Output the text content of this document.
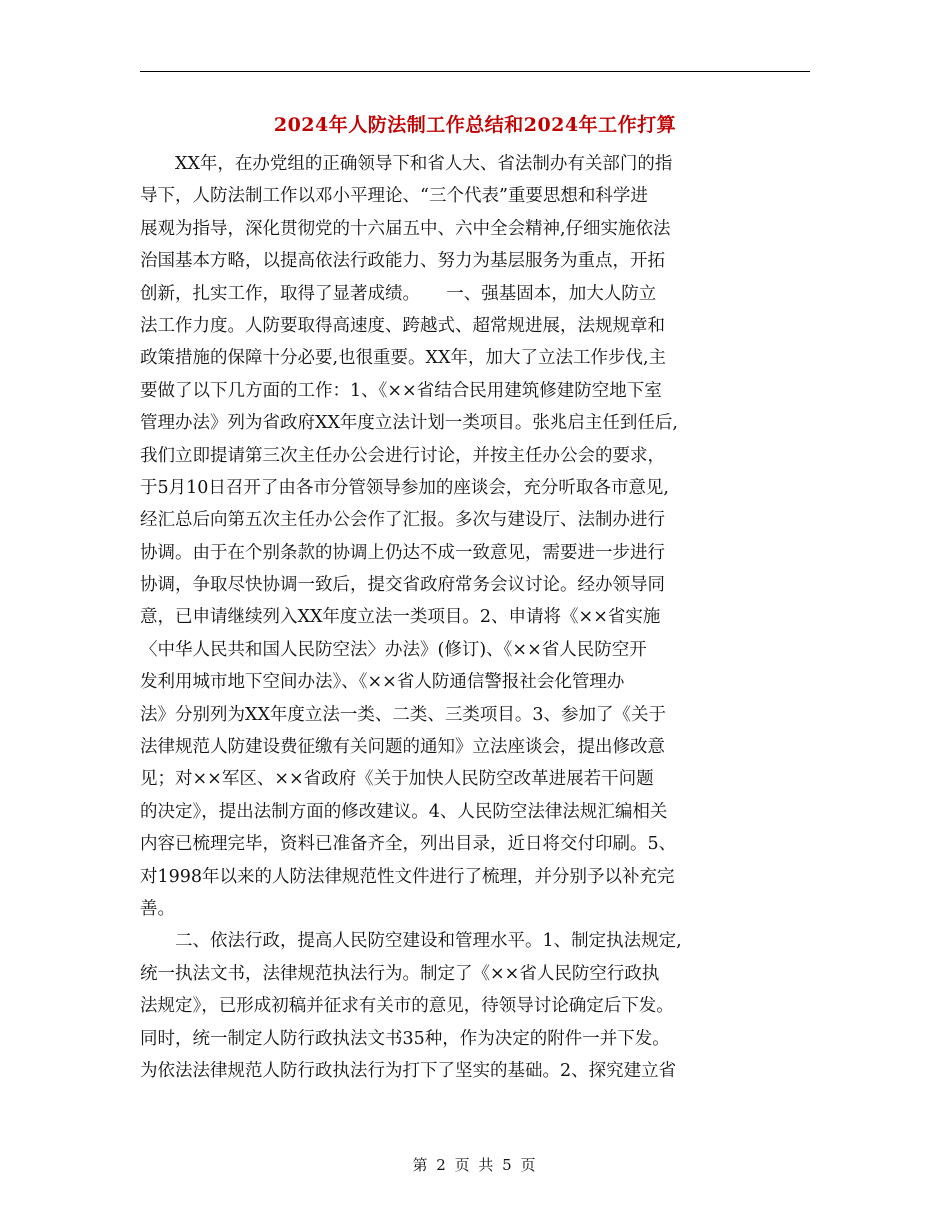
2024年人防法制工作总结和2024年工作打算
　　XX年，在办党组的正确领导下和省人大、省法制办有关部门的指
导下，人防法制工作以邓小平理论、“三个代表”重要思想和科学进
展观为指导，深化贯彻党的十六届五中、六中全会精神,仔细实施依法
治国基本方略，以提高依法行政能力、努力为基层服务为重点，开拓
创新，扎实工作，取得了显著成绩。　　一、强基固本，加大人防立
法工作力度。人防要取得高速度、跨越式、超常规进展，法规规章和
政策措施的保障十分必要,也很重要。XX年，加大了立法工作步伐,主
要做了以下几方面的工作：1、《××省结合民用建筑修建防空地下室
管理办法》列为省政府XX年度立法计划一类项目。张兆启主任到任后,
我们立即提请第三次主任办公会进行讨论，并按主任办公会的要求，
于5月10日召开了由各市分管领导参加的座谈会，充分听取各市意见,
经汇总后向第五次主任办公会作了汇报。多次与建设厅、法制办进行
协调。由于在个别条款的协调上仍达不成一致意见，需要进一步进行
协调，争取尽快协调一致后，提交省政府常务会议讨论。经办领导同
意，已申请继续列入XX年度立法一类项目。2、申请将《××省实施
〈中华人民共和国人民防空法〉办法》(修订)、《××省人民防空开
发利用城市地下空间办法》、《××省人防通信警报社会化管理办
法》分别列为XX年度立法一类、二类、三类项目。3、参加了《关于
法律规范人防建设费征缴有关问题的通知》立法座谈会，提出修改意
见；对××军区、××省政府《关于加快人民防空改革进展若干问题
的决定》，提出法制方面的修改建议。4、人民防空法律法规汇编相关
内容已梳理完毕，资料已准备齐全，列出目录，近日将交付印刷。5、
对1998年以来的人防法律规范性文件进行了梳理，并分别予以补充完
善。
　　二、依法行政，提高人民防空建设和管理水平。1、制定执法规定,
统一执法文书，法律规范执法行为。制定了《××省人民防空行政执
法规定》，已形成初稿并征求有关市的意见，待领导讨论确定后下发。
同时，统一制定人防行政执法文书35种，作为决定的附件一并下发。
为依法法律规范人防行政执法行为打下了坚实的基础。2、探究建立省
第 2 页 共 5 页
